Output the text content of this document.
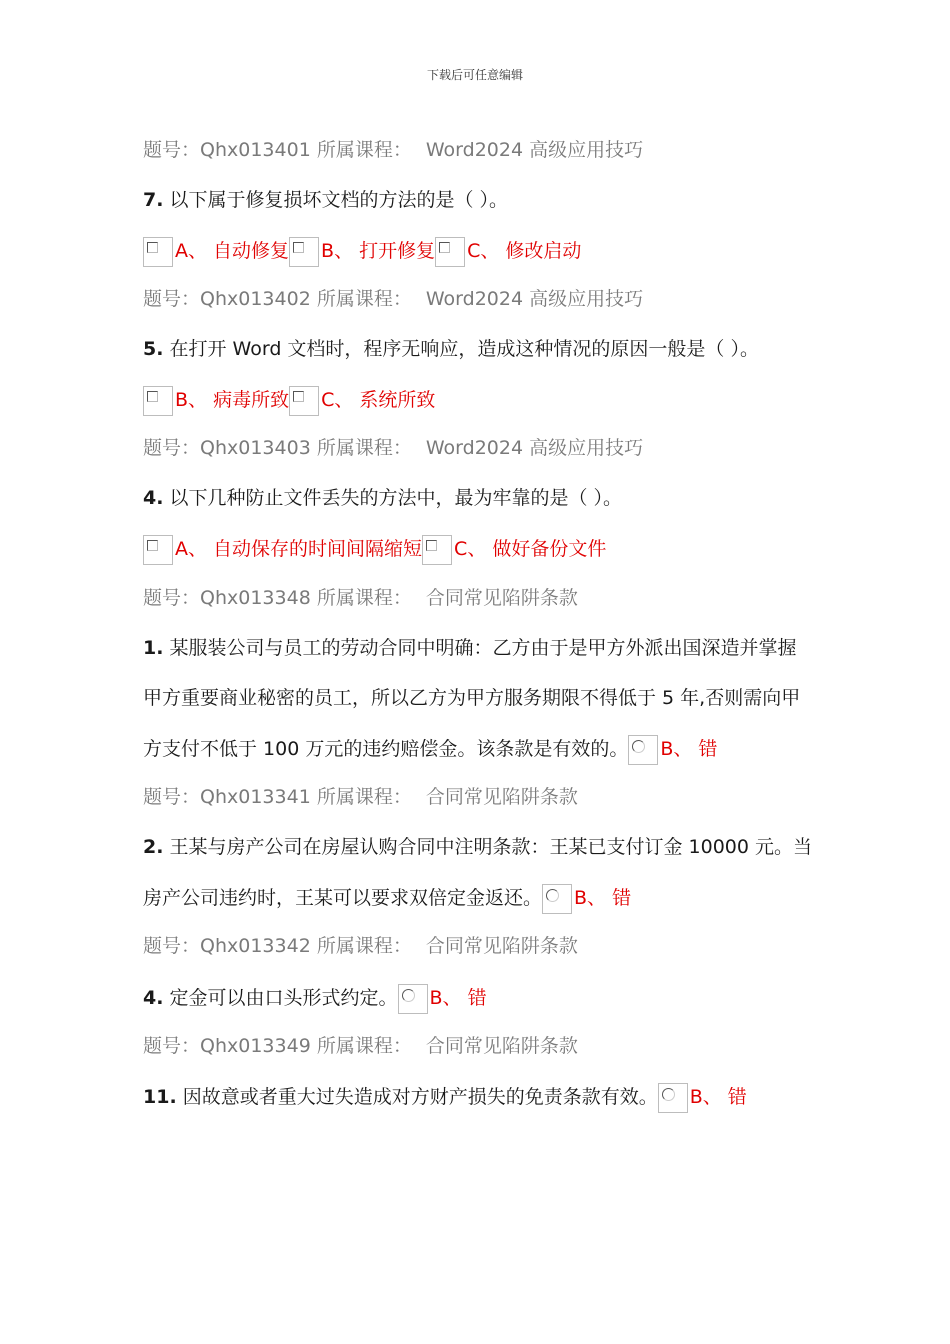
下载后可任意编辑
题号：Qhx013401 所属课程： Word2024 高级应用技巧
7. 以下属于修复损坏文档的方法的是（ ）。
A、 自动修复 B、 打开修复 C、 修改启动
题号：Qhx013402 所属课程： Word2024 高级应用技巧
5. 在打开 Word 文档时，程序无响应，造成这种情况的原因一般是（ ）。
B、 病毒所致 C、 系统所致
题号：Qhx013403 所属课程： Word2024 高级应用技巧
4. 以下几种防止文件丢失的方法中，最为牢靠的是（ ）。
A、 自动保存的时间间隔缩短 C、 做好备份文件
题号：Qhx013348 所属课程： 合同常见陷阱条款
1. 某服装公司与员工的劳动合同中明确：乙方由于是甲方外派出国深造并掌握
甲方重要商业秘密的员工，所以乙方为甲方服务期限不得低于 5 年,否则需向甲
方支付不低于 100 万元的违约赔偿金。该条款是有效的。 B、 错
题号：Qhx013341 所属课程： 合同常见陷阱条款
2. 王某与房产公司在房屋认购合同中注明条款：王某已支付订金 10000 元。当
房产公司违约时，王某可以要求双倍定金返还。 B、 错
题号：Qhx013342 所属课程： 合同常见陷阱条款
4. 定金可以由口头形式约定。 B、 错
题号：Qhx013349 所属课程： 合同常见陷阱条款
11. 因故意或者重大过失造成对方财产损失的免责条款有效。 B、 错
